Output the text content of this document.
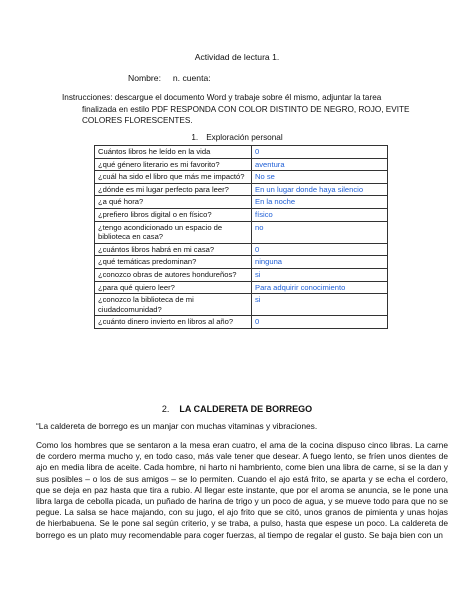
Actividad de lectura 1.
Nombre:     n. cuenta:
Instrucciones: descargue el documento Word y trabaje sobre él mismo, adjuntar la tarea
finalizada en estilo PDF RESPONDA CON COLOR DISTINTO DE NEGRO, ROJO, EVITE
COLORES FLORESCENTES.
1. Exploración personal
Cuántos libros he leído en la vida	0
¿qué género literario es mi favorito?	aventura
¿cuál ha sido el libro que más me impactó?	No se
¿dónde es mi lugar perfecto para leer?	En un lugar donde haya silencio
¿a qué hora?	En la noche
¿prefiero libros digital o en físico?	físico
¿tengo acondicionado un espacio de biblioteca en casa?	no
¿cuántos libros habrá en mi casa?	0
¿qué temáticas predominan?	ninguna
¿conozco obras de autores hondureños?	si
¿para qué quiero leer?	Para adquirir conocimiento
¿conozco la biblioteca de mi ciudadcomunidad?	si
¿cuánto dinero invierto en libros al año?	0
2. LA CALDERETA DE BORREGO
“La caldereta de borrego es un manjar con muchas vitaminas y vibraciones.
Como los hombres que se sentaron a la mesa eran cuatro, el ama de la cocina dispuso cinco libras. La carne de cordero merma mucho y, en todo caso, más vale tener que desear. A fuego lento, se fríen unos dientes de ajo en media libra de aceite. Cada hombre, ni harto ni hambriento, come bien una libra de carne, si se la dan y sus posibles – o los de sus amigos – se lo permiten. Cuando el ajo está frito, se aparta y se echa el cordero, que se deja en paz hasta que tira a rubio. Al llegar este instante, que por el aroma se anuncia, se le pone una libra larga de cebolla picada, un puñado de harina de trigo y un poco de agua, y se mueve todo para que no se pegue. La salsa se hace majando, con su jugo, el ajo frito que se citó, unos granos de pimienta y unas hojas de hierbabuena. Se le pone sal según criterio, y se traba, a pulso, hasta que espese un poco. La caldereta de borrego es un plato muy recomendable para coger fuerzas, al tiempo de regalar el gusto. Se baja bien con un
